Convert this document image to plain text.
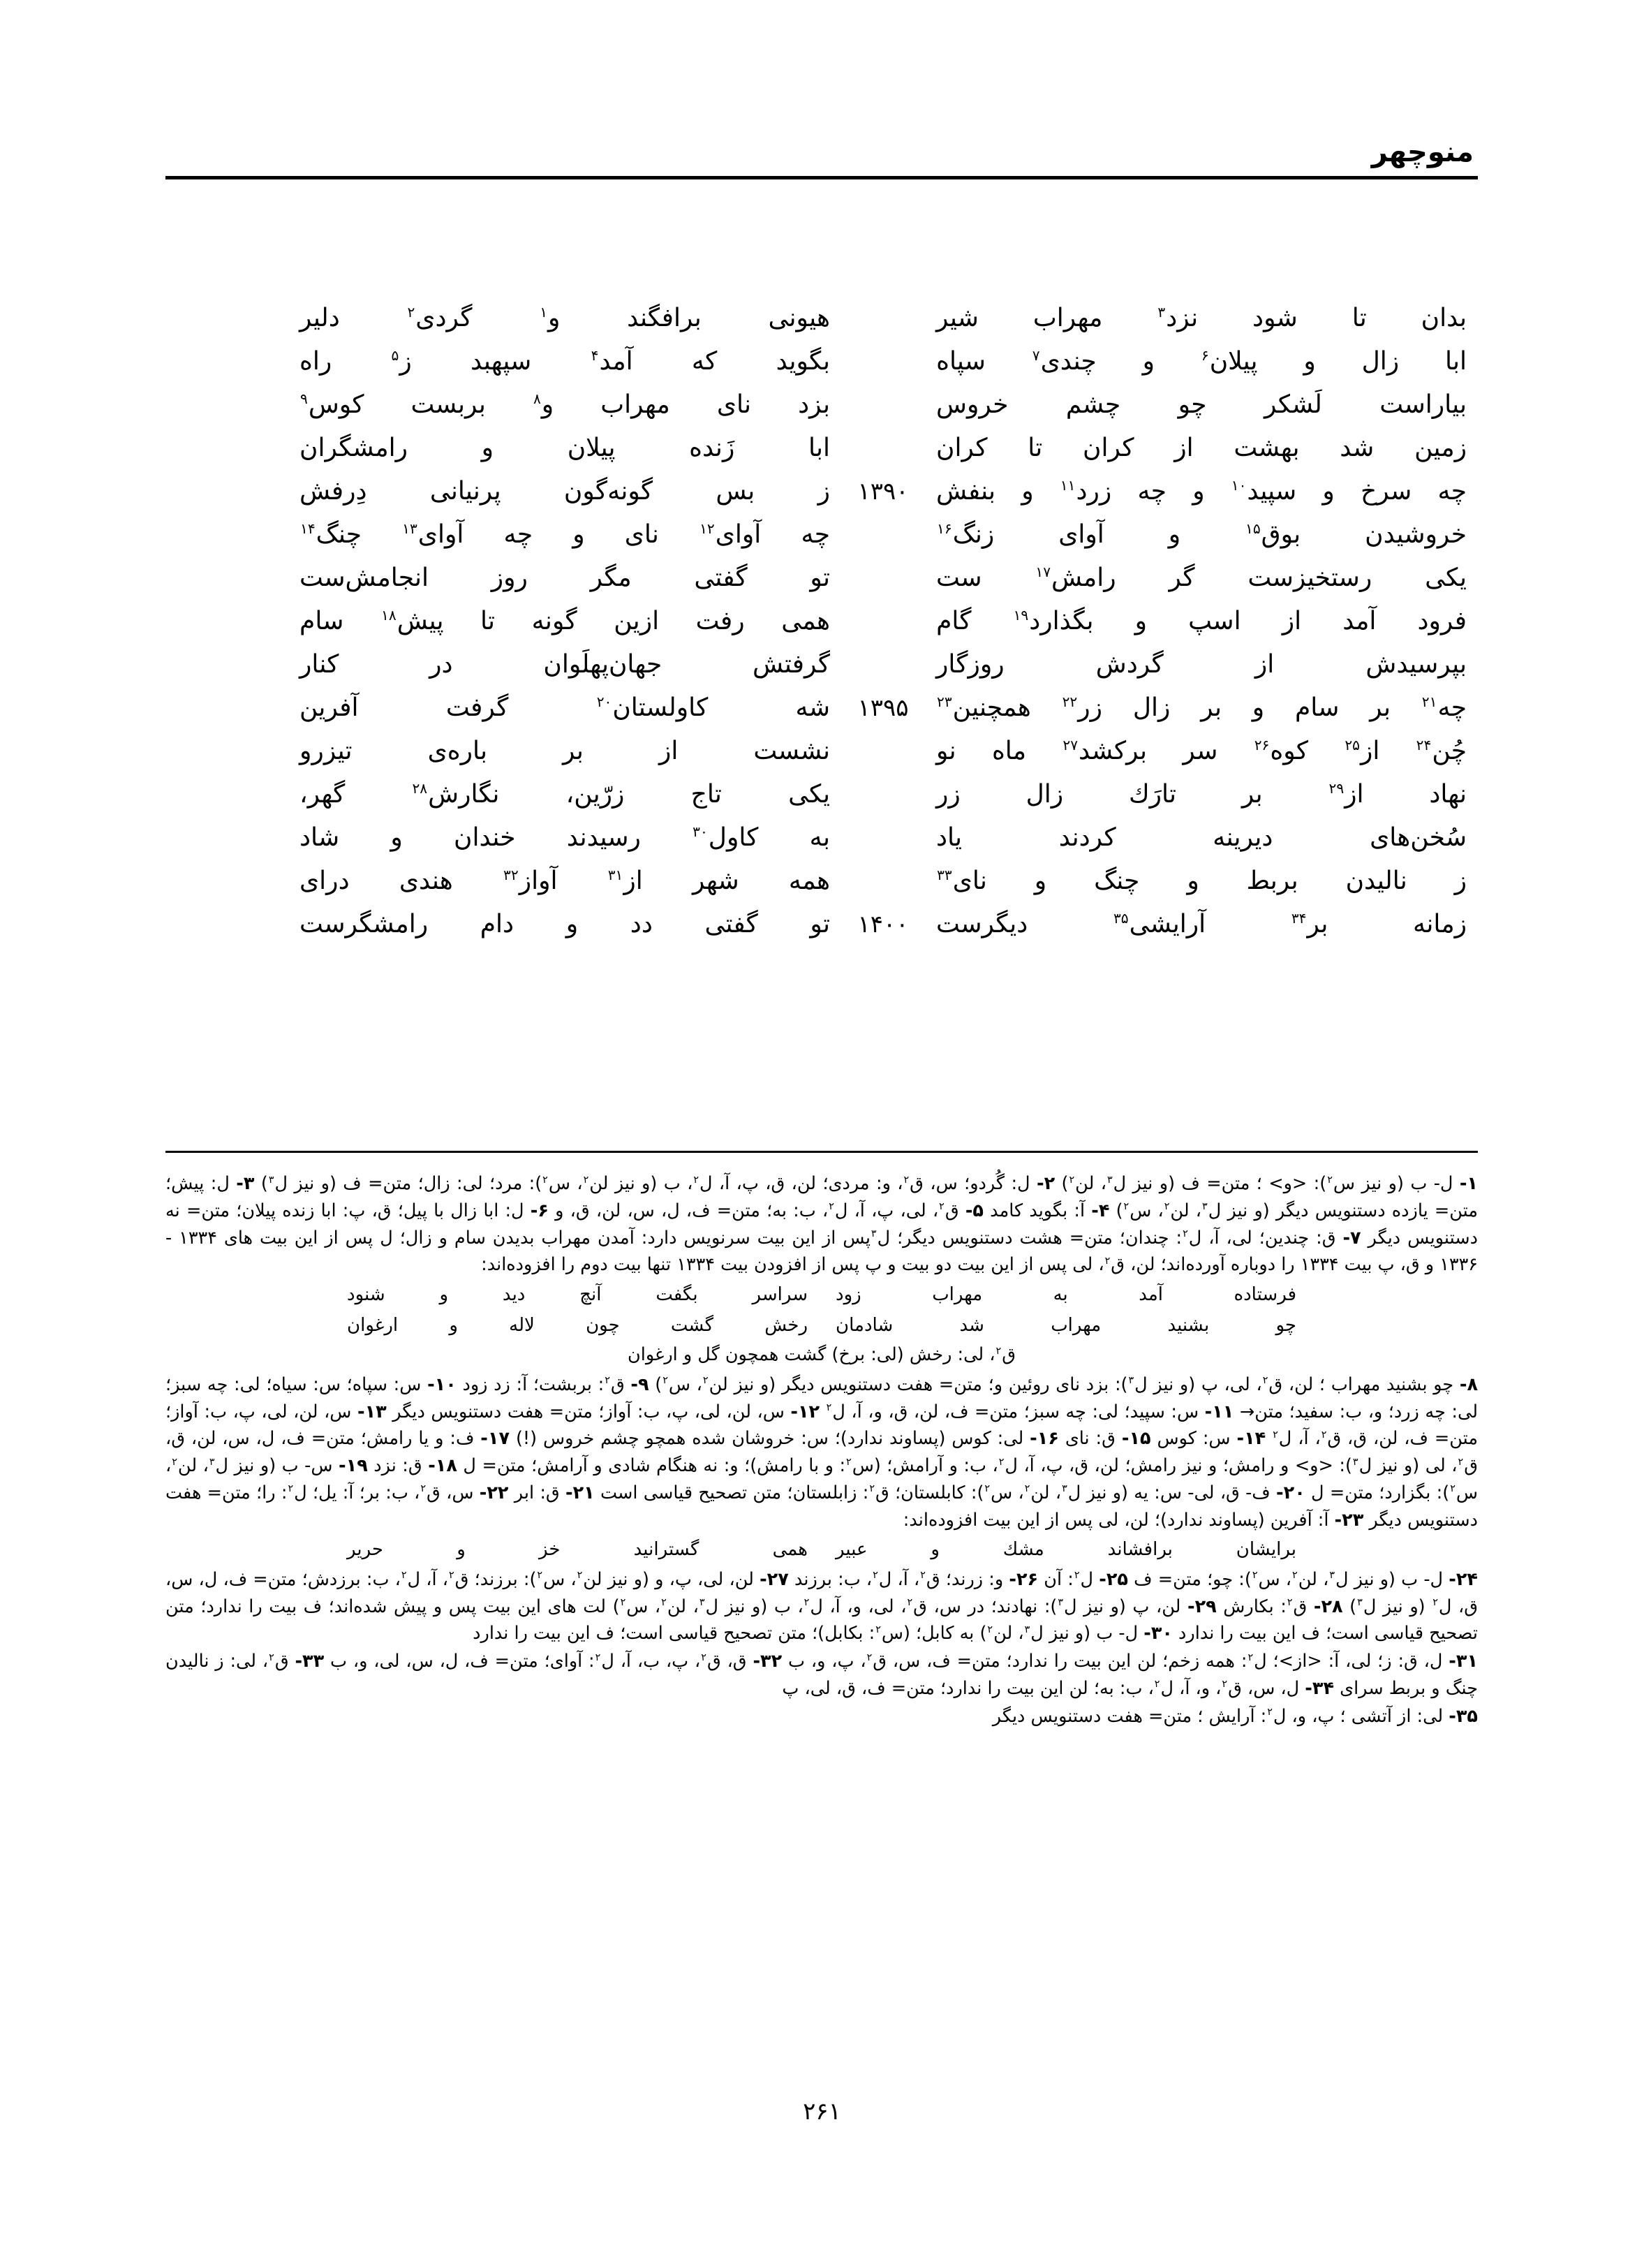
منوچهر
بدان
تا
شود
نزد$^۳$
مهراب
شیر
هیونی
برافگند
و$^۱$
گردی$^۲$
دلیر
ابا
زال
و
پیلان$^۶$
و
چندی$^۷$
سپاه
بگوید
که
آمد$^۴$
سپهبد
ز$^۵$
راه
بیاراست
لَشکر
چو
چشم
خروس
بزد
نای
مهراب
و$^۸$
بربست
کوس$^۹$
زمین
شد
بهشت
از
کران
تا
کران
ابا
زَنده
پیلان
و
رامشگران
چه
سرخ
و
سپید$^{۱۰}$
و
چه
زرد$^{۱۱}$
و
بنفش
۱۳۹۰
ز
بس
گونه‌گون
پرنیانی
دِرفش
خروشیدن
بوق$^{۱۵}$
و
آوای
زنگ$^{۱۶}$
چه
آوای$^{۱۲}$
نای
و
چه
آوای$^{۱۳}$
چنگ$^{۱۴}$
یکی
رستخیزست
گر
رامش$^{۱۷}$
ست
تو
گفتی
مگر
روز
انجامش‌ست
فرود
آمد
از
اسپ
و
بگذارد$^{۱۹}$
گام
همی
رفت
ازین
گونه
تا
پیش$^{۱۸}$
سام
بپرسیدش
از
گردش
روزگار
گرفتش
جهان‌پهلَوان
در
کنار
چه$^{۲۱}$
بر
سام
و
بر
زال
زر$^{۲۲}$
همچنین$^{۲۳}$
۱۳۹۵
شه
کاولستان$^{۲۰}$
گرفت
آفرین
چُن$^{۲۴}$
از$^{۲۵}$
کوه$^{۲۶}$
سر
برکشد$^{۲۷}$
ماه
نو
نشست
از
بر
باره‌ی
تیزرو
نهاد
از$^{۲۹}$
بر
تارَك
زال
زر
یکی
تاج
زرّین،
نگارش$^{۲۸}$
گهر،
سُخن‌های
دیرینه
کردند
یاد
به
کاول$^{۳۰}$
رسیدند
خندان
و
شاد
ز
نالیدن
بربط
و
چنگ
و
نای$^{۳۳}$
همه
شهر
از$^{۳۱}$
آواز$^{۳۲}$
هندی
درای
زمانه
بر$^{۳۴}$
آرایشی$^{۳۵}$
دیگرست
۱۴۰۰
تو
گفتی
دد
و
دام
رامشگرست
۱- ل- ب (و نیز س$^۲$): <و> ؛ متن= ف (و نیز ل$^۳$، لن$^۲$) ۲- ل: گُردو؛ س، ق$^۲$، و: مردی؛ لن، ق، پ، آ، ل$^۲$، ب (و نیز لن$^۲$، س$^۲$): مرد؛ لی: زال؛ متن= ف (و نیز ل$^۳$) ۳- ل: پیش؛ متن= یازده دستنویس دیگر (و نیز ل$^۳$، لن$^۲$، س$^۲$) ۴- آ: بگوید کامد ۵- ق$^۲$، لی، پ، آ، ل$^۲$، ب: به؛ متن= ف، ل، س، لن، ق، و ۶- ل: ابا زال با پیل؛ ق، پ: ابا زنده پیلان؛ متن= نه دستنویس دیگر ۷- ق: چندین؛ لی، آ، ل$^۲$: چندان؛ متن= هشت دستنویس دیگر؛ ل$^۳$پس از این بیت سرنویس دارد: آمدن مهراب بدیدن سام و زال؛ ل پس از این بیت های ۱۳۳۴ - ۱۳۳۶ و ق، پ بیت ۱۳۳۴ را دوباره آورده‌اند؛ لن، ق$^۲$، لی پس از این بیت دو بیت و پ پس از افزودن بیت ۱۳۳۴ تنها بیت دوم را افزوده‌اند:
فرستاده
آمد
به
مهراب
زود
سراسر
بگفت
آنچ
دید
و
شنود
چو
بشنید
مهراب
شد
شادمان
رخش
گشت
چون
لاله
و
ارغوان
ق$^۲$، لی: رخش (لی: برخ) گشت همچون گل و ارغوان
۸- چو بشنید مهراب ؛ لن، ق$^۲$، لی، پ (و نیز ل$^۳$): بزد نای روئین و؛ متن= هفت دستنویس دیگر (و نیز لن$^۲$، س$^۲$) ۹- ق$^۲$: بربشت؛ آ: زد زود ۱۰- س: سپاه؛ س: سیاه؛ لی: چه سبز؛ لی: چه زرد؛ و، ب: سفید؛ متن→ ۱۱- س: سپید؛ لی: چه سبز؛ متن= ف، لن، ق، و، آ، ل$^۲$ ۱۲- س، لن، لی، پ، ب: آواز؛ متن= هفت دستنویس دیگر ۱۳- س، لن، لی، پ، ب: آواز؛ متن= ف، لن، ق، ق$^۲$، آ، ل$^۲$ ۱۴- س: کوس ۱۵- ق: نای ۱۶- لی: کوس (پساوند ندارد)؛ س: خروشان شده همچو چشم خروس (!) ۱۷- ف: و یا رامش؛ متن= ف، ل، س، لن، ق، ق$^۲$، لی (و نیز ل$^۳$): <و> و رامش؛ و نیز رامش؛ لن، ق، پ، آ، ل$^۲$، ب: و آرامش؛ (س$^۲$: و با رامش)؛ و: نه هنگام شادی و آرامش؛ متن= ل ۱۸- ق: نزد ۱۹- س- ب (و نیز ل$^۳$، لن$^۲$، س$^۲$): بگزارد؛ متن= ل ۲۰- ف- ق، لی- س: یه (و نیز ل$^۳$، لن$^۲$، س$^۲$): کابلستان؛ ق$^۲$: زابلستان؛ متن تصحیح قیاسی است ۲۱- ق: ابر ۲۲- س، ق$^۲$، ب: بر؛ آ: یل؛ ل$^۲$: را؛ متن= هفت دستنویس دیگر ۲۳- آ: آفرین (پساوند ندارد)؛ لن، لی پس از این بیت افزوده‌اند:
برایشان
برافشاند
مشك
و
عبیر
همی
گسترانید
خز
و
حریر
۲۴- ل- ب (و نیز ل$^۳$، لن$^۲$، س$^۲$): چو؛ متن= ف ۲۵- ل$^۲$: آن ۲۶- و: زرند؛ ق$^۲$، آ، ل$^۲$، ب: برزند ۲۷- لن، لی، پ، و (و نیز لن$^۲$، س$^۲$): برزند؛ ق$^۲$، آ، ل$^۲$، ب: برزدش؛ متن= ف، ل، س، ق، ل$^۲$ (و نیز ل$^۳$) ۲۸- ق$^۲$: بکارش ۲۹- لن، پ (و نیز ل$^۳$): نهادند؛ در س، ق$^۲$، لی، و، آ، ل$^۲$، ب (و نیز ل$^۳$، لن$^۲$، س$^۲$) لت های این بیت پس و پیش شده‌اند؛ ف بیت را ندارد؛ متن تصحیح قیاسی است؛ ف این بیت را ندارد ۳۰- ل- ب (و نیز ل$^۳$، لن$^۲$) به کابل؛ (س$^۲$: بکابل)؛ متن تصحیح قیاسی است؛ ف این بیت را ندارد
۳۱- ل، ق: ز؛ لی، آ: <از>؛ ل$^۲$: همه زخم؛ لن این بیت را ندارد؛ متن= ف، س، ق$^۲$، پ، و، ب ۳۲- ق، ق$^۲$، پ، ب، آ، ل$^۲$: آوای؛ متن= ف، ل، س، لی، و، ب ۳۳- ق$^۲$، لی: ز نالیدن چنگ و بربط سرای ۳۴- ل، س، ق$^۲$، و، آ، ل$^۲$، ب: به؛ لن این بیت را ندارد؛ متن= ف، ق، لی، پ
۳۵- لی: از آتشی ؛ پ، و، ل$^۲$: آرایش ؛ متن= هفت دستنویس دیگر
۲۶۱
